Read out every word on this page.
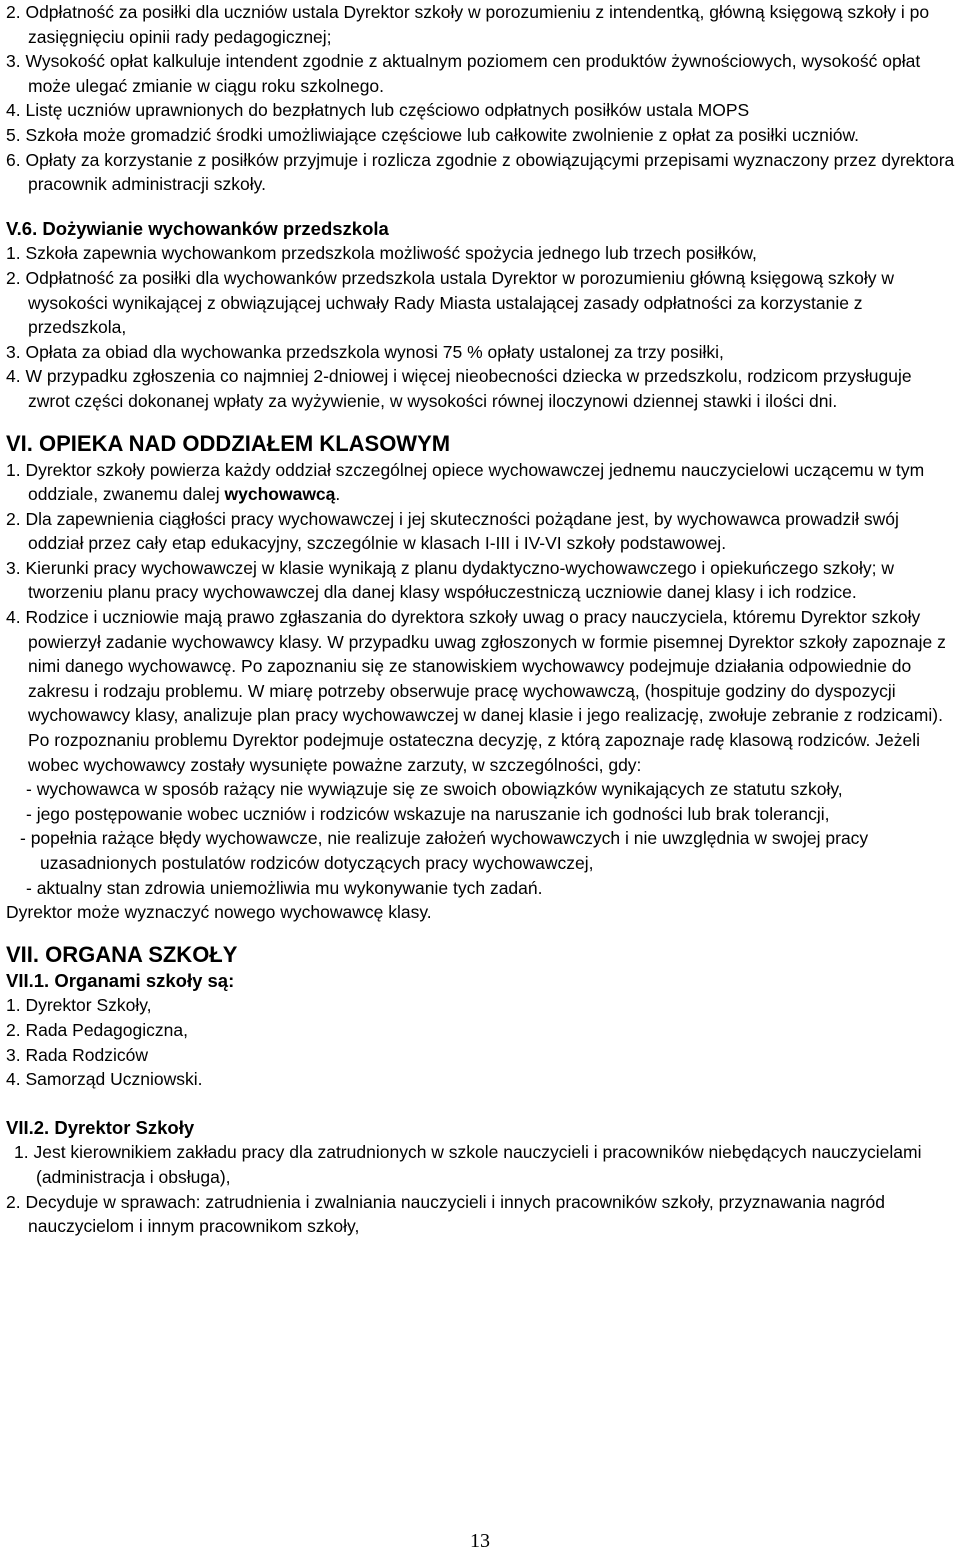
2. Odpłatność za posiłki dla uczniów ustala Dyrektor szkoły w porozumieniu z intendentką, główną księgową szkoły i po zasięgnięciu opinii rady pedagogicznej;

3. Wysokość opłat kalkuluje intendent zgodnie z aktualnym poziomem cen produktów żywnościowych, wysokość opłat może ulegać zmianie w ciągu roku szkolnego.

4. Listę uczniów uprawnionych do bezpłatnych lub częściowo odpłatnych posiłków ustala MOPS

5. Szkoła może gromadzić środki umożliwiające częściowe lub całkowite zwolnienie z opłat za posiłki uczniów.

6. Opłaty za korzystanie z posiłków przyjmuje i rozlicza zgodnie z obowiązującymi przepisami wyznaczony przez dyrektora pracownik administracji szkoły.

V.6. Dożywianie wychowanków przedszkola

1. Szkoła zapewnia wychowankom przedszkola możliwość spożycia jednego lub trzech posiłków,

2. Odpłatność za posiłki dla wychowanków przedszkola ustala Dyrektor w porozumieniu główną księgową szkoły w wysokości wynikającej z obwiązującej uchwały Rady Miasta ustalającej zasady odpłatności za korzystanie z przedszkola,

3. Opłata za obiad dla wychowanka przedszkola wynosi 75 % opłaty ustalonej za trzy posiłki,

4. W przypadku zgłoszenia co najmniej 2-dniowej i więcej nieobecności dziecka w przedszkolu, rodzicom przysługuje zwrot części dokonanej wpłaty za wyżywienie, w wysokości równej iloczynowi dziennej stawki i ilości dni.

VI. OPIEKA NAD ODDZIAŁEM KLASOWYM

1. Dyrektor szkoły powierza każdy oddział szczególnej opiece wychowawczej jednemu nauczycielowi uczącemu w tym oddziale, zwanemu dalej wychowawcą.

2. Dla zapewnienia ciągłości pracy wychowawczej i jej skuteczności pożądane jest, by wychowawca prowadził swój oddział przez cały etap edukacyjny, szczególnie w klasach I-III i IV-VI szkoły podstawowej.

3. Kierunki pracy wychowawczej w klasie wynikają z planu dydaktyczno-wychowawczego i opiekuńczego szkoły; w tworzeniu planu pracy wychowawczej dla danej klasy współuczestniczą uczniowie danej klasy i ich rodzice.

4. Rodzice i uczniowie mają prawo zgłaszania do dyrektora szkoły uwag o pracy nauczyciela, któremu Dyrektor szkoły powierzył zadanie wychowawcy klasy. W przypadku uwag zgłoszonych w formie pisemnej Dyrektor szkoły zapoznaje z nimi danego wychowawcę. Po zapoznaniu się ze stanowiskiem wychowawcy podejmuje działania odpowiednie do zakresu i rodzaju problemu. W miarę potrzeby obserwuje pracę wychowawczą, (hospituje godziny do dyspozycji wychowawcy klasy, analizuje plan pracy wychowawczej w danej klasie i jego realizację, zwołuje zebranie z rodzicami). Po rozpoznaniu problemu Dyrektor podejmuje ostateczna decyzję, z którą zapoznaje radę klasową rodziców. Jeżeli wobec wychowawcy zostały wysunięte poważne zarzuty, w szczególności, gdy:

- wychowawca w sposób rażący nie wywiązuje się ze swoich obowiązków wynikających ze statutu szkoły,

- jego postępowanie wobec uczniów i rodziców wskazuje na naruszanie ich godności lub brak tolerancji,

- popełnia rażące błędy wychowawcze, nie realizuje założeń wychowawczych i nie uwzględnia w swojej pracy uzasadnionych postulatów rodziców dotyczących pracy wychowawczej,

- aktualny stan zdrowia uniemożliwia mu wykonywanie tych zadań.

Dyrektor może wyznaczyć nowego wychowawcę klasy.

VII. ORGANA SZKOŁY

VII.1. Organami szkoły są:

1. Dyrektor Szkoły,

2. Rada Pedagogiczna,

3. Rada Rodziców

4. Samorząd Uczniowski.

VII.2. Dyrektor Szkoły

1. Jest kierownikiem zakładu pracy dla zatrudnionych w szkole nauczycieli i pracowników niebędących nauczycielami (administracja i obsługa),

2. Decyduje w sprawach: zatrudnienia i zwalniania nauczycieli i innych pracowników szkoły, przyznawania nagród nauczycielom i innym pracownikom szkoły,

13
